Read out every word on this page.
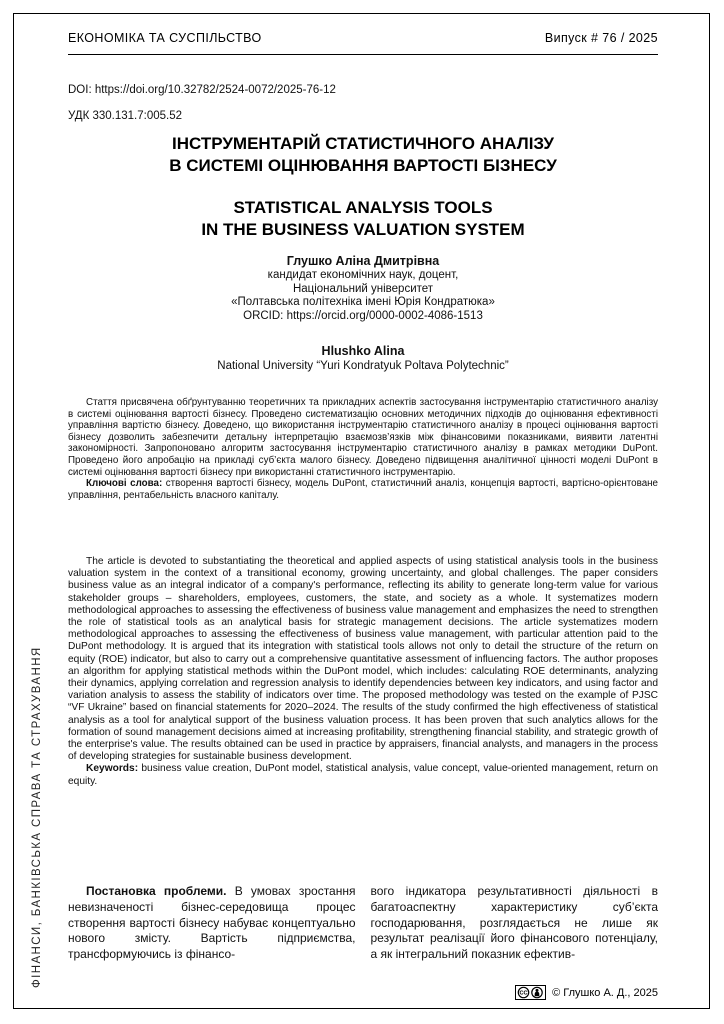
ЕКОНОМІКА ТА СУСПІЛЬСТВО	Випуск # 76 / 2025
DOI: https://doi.org/10.32782/2524-0072/2025-76-12
УДК 330.131.7:005.52
ІНСТРУМЕНТАРІЙ СТАТИСТИЧНОГО АНАЛІЗУ
В СИСТЕМІ ОЦІНЮВАННЯ ВАРТОСТІ БІЗНЕСУ
STATISTICAL ANALYSIS TOOLS
IN THE BUSINESS VALUATION SYSTEM
Глушко Аліна Дмитрівна
кандидат економічних наук, доцент,
Національний університет
«Полтавська політехніка імені Юрія Кондратюка»
ORCID: https://orcid.org/0000-0002-4086-1513
Hlushko Alina
National University “Yuri Kondratyuk Poltava Polytechnic”

Стаття присвячена обґрунтуванню теоретичних та прикладних аспектів застосування інструментарію статистичного аналізу в системі оцінювання вартості бізнесу. Проведено систематизацію основних методичних підходів до оцінювання ефективності управління вартістю бізнесу. Доведено, що використання інструментарію статистичного аналізу в процесі оцінювання вартості бізнесу дозволить забезпечити детальну інтерпретацію взаємозв’язків між фінансовими показниками, виявити латентні закономірності. Запропоновано алгоритм застосування інструментарію статистичного аналізу в рамках методики DuPont. Проведено його апробацію на прикладі суб’єкта малого бізнесу. Доведено підвищення аналітичної цінності моделі DuPont в системі оцінювання вартості бізнесу при використанні статистичного інструментарію.

Ключові слова: створення вартості бізнесу, модель DuPont, статистичний аналіз, концепція вартості, вартісно-орієнтоване управління, рентабельність власного капіталу.

The article is devoted to substantiating the theoretical and applied aspects of using statistical analysis tools in the business valuation system in the context of a transitional economy, growing uncertainty, and global challenges. The paper considers business value as an integral indicator of a company's performance, reflecting its ability to generate long-term value for various stakeholder groups – shareholders, employees, customers, the state, and society as a whole. It systematizes modern methodological approaches to assessing the effectiveness of business value management and emphasizes the need to strengthen the role of statistical tools as an analytical basis for strategic management decisions. The article systematizes modern methodological approaches to assessing the effectiveness of business value management, with particular attention paid to the DuPont methodology. It is argued that its integration with statistical tools allows not only to detail the structure of the return on equity (ROE) indicator, but also to carry out a comprehensive quantitative assessment of influencing factors. The author proposes an algorithm for applying statistical methods within the DuPont model, which includes: calculating ROE determinants, analyzing their dynamics, applying correlation and regression analysis to identify dependencies between key indicators, and using factor and variation analysis to assess the stability of indicators over time. The proposed methodology was tested on the example of PJSC “VF Ukraine” based on financial statements for 2020–2024. The results of the study confirmed the high effectiveness of statistical analysis as a tool for analytical support of the business valuation process. It has been proven that such analytics allows for the formation of sound management decisions aimed at increasing profitability, strengthening financial stability, and strategic growth of the enterprise's value. The results obtained can be used in practice by appraisers, financial analysts, and managers in the process of developing strategies for sustainable business development.

Keywords: business value creation, DuPont model, statistical analysis, value concept, value-oriented management, return on equity.

Постановка проблеми. В умовах зростання невизначеності бізнес-середовища процес створення вартості бізнесу набуває концептуально нового змісту. Вартість підприємства, трансформуючись із фінансо-

вого індикатора результативності діяльності в багатоаспектну характеристику суб’єкта господарювання, розглядається не лише як результат реалізації його фінансового потенціалу, а як інтегральний показник ефектив-

ФІНАНСИ, БАНКІВСЬКА СПРАВА ТА СТРАХУВАННЯ
CC © Глушко А. Д., 2025
